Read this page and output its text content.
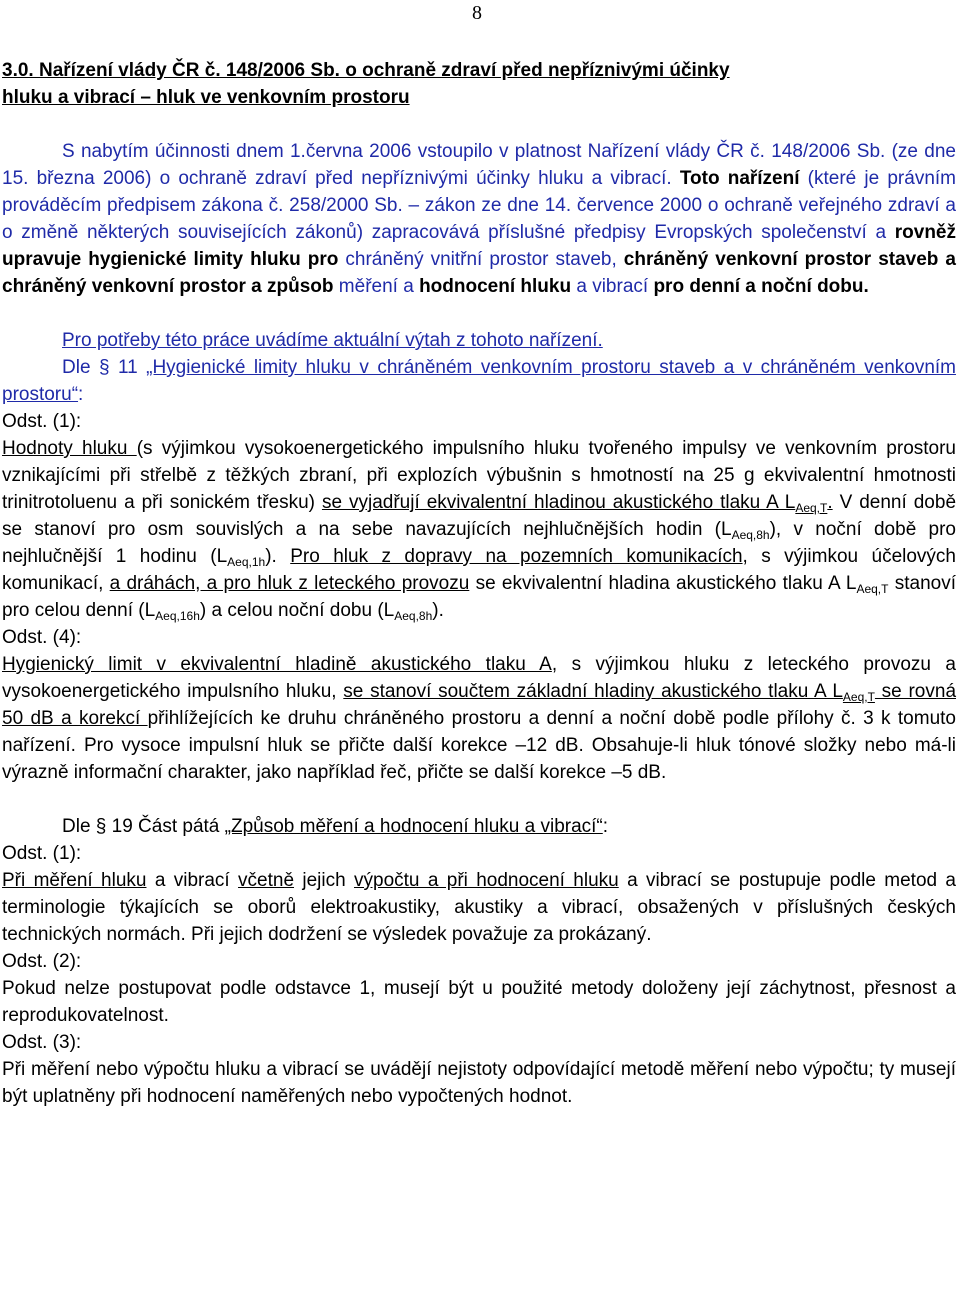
8

3.0. Nařízení vlády ČR č. 148/2006 Sb. o ochraně zdraví před nepříznivými účinky
hluku a vibrací – hluk ve venkovním prostoru

S nabytím účinnosti dnem 1.června 2006 vstoupilo v platnost Nařízení vlády ČR č. 148/2006 Sb. (ze dne 15. března 2006) o ochraně zdraví před nepříznivými účinky hluku a vibrací. Toto nařízení (které je právním prováděcím předpisem zákona č. 258/2000 Sb. – zákon ze dne 14. července 2000 o ochraně veřejného zdraví a o změně některých souvisejících zákonů) zapracovává příslušné předpisy Evropských společenství a rovněž upravuje hygienické limity hluku pro chráněný vnitřní prostor staveb, chráněný venkovní prostor staveb a chráněný venkovní prostor a způsob měření a hodnocení hluku a vibrací pro denní a noční dobu.

Pro potřeby této práce uvádíme aktuální výtah z tohoto nařízení.

Dle § 11 „Hygienické limity hluku v chráněném venkovním prostoru staveb a v chráněném venkovním prostoru“:

Odst. (1):

Hodnoty hluku (s výjimkou vysokoenergetického impulsního hluku tvořeného impulsy ve venkovním prostoru vznikajícími při střelbě z těžkých zbraní, při explozích výbušnin s hmotností na 25 g ekvivalentní hmotnosti trinitrotoluenu a při sonickém třesku) se vyjadřují ekvivalentní hladinou akustického tlaku A $L_{Aeq,T}$. V denní době se stanoví pro osm souvislých a na sebe navazujících nejhlučnějších hodin $(L_{Aeq,8h})$, v noční době pro nejhlučnější 1 hodinu $(L_{Aeq,1h})$. Pro hluk z dopravy na pozemních komunikacích, s výjimkou účelových komunikací, a dráhách, a pro hluk z leteckého provozu se ekvivalentní hladina akustického tlaku A $L_{Aeq,T}$ stanoví pro celou denní $(L_{Aeq,16h})$ a celou noční dobu $(L_{Aeq,8h})$.

Odst. (4):

Hygienický limit v ekvivalentní hladině akustického tlaku A, s výjimkou hluku z leteckého provozu a vysokoenergetického impulsního hluku, se stanoví součtem základní hladiny akustického tlaku A $L_{Aeq,T}$ se rovná 50 dB a korekcí přihlížejících ke druhu chráněného prostoru a denní a noční době podle přílohy č. 3 k tomuto nařízení. Pro vysoce impulsní hluk se přičte další korekce –12 dB. Obsahuje-li hluk tónové složky nebo má-li výrazně informační charakter, jako například řeč, přičte se další korekce –5 dB.

Dle § 19 Část pátá „Způsob měření a hodnocení hluku a vibrací“:

Odst. (1):

Při měření hluku a vibrací včetně jejich výpočtu a při hodnocení hluku a vibrací se postupuje podle metod a terminologie týkajících se oborů elektroakustiky, akustiky a vibrací, obsažených v příslušných českých technických normách. Při jejich dodržení se výsledek považuje za prokázaný.

Odst. (2):

Pokud nelze postupovat podle odstavce 1, musejí být u použité metody doloženy její záchytnost, přesnost a reprodukovatelnost.

Odst. (3):

Při měření nebo výpočtu hluku a vibrací se uvádějí nejistoty odpovídající metodě měření nebo výpočtu; ty musejí být uplatněny při hodnocení naměřených nebo vypočtených hodnot.
